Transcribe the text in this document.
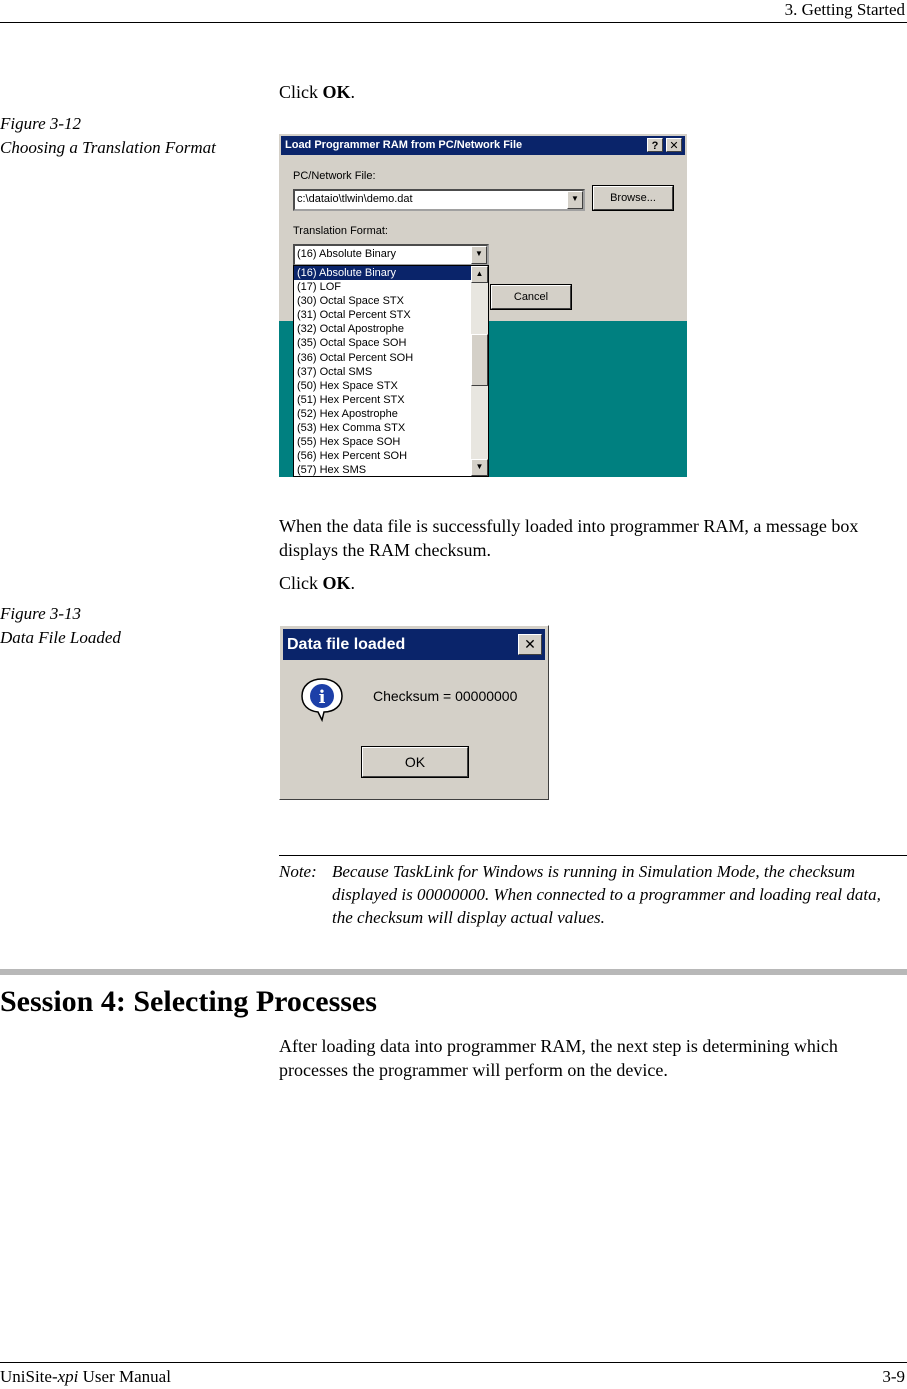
3. Getting Started
Click OK.
Figure 3-12
Choosing a Translation Format	Load Programmer RAM from PC/Network File	?	✕
PC/Network File:
c:\dataio\tlwin\demo.dat	▼	Browse...
Translation Format:
(16) Absolute Binary	▼
Cancel
(16) Absolute Binary
(17) LOF
(30) Octal Space STX
(31) Octal Percent STX
(32) Octal Apostrophe
(35) Octal Space SOH
(36) Octal Percent SOH
(37) Octal SMS
(50) Hex Space STX
(51) Hex Percent STX
(52) Hex Apostrophe
(53) Hex Comma STX
(55) Hex Space SOH
(56) Hex Percent SOH
(57) Hex SMS
▲
▼
When the data file is successfully loaded into programmer RAM, a message box displays the RAM checksum.
Click OK.
Figure 3-13
Data File Loaded	Data file loaded	✕
i	Checksum = 00000000
OK
Note: Because TaskLink for Windows is running in Simulation Mode, the checksum displayed is 00000000. When connected to a programmer and loading real data, the checksum will display actual values.
Session 4: Selecting Processes
After loading data into programmer RAM, the next step is determining which processes the programmer will perform on the device.
UniSite-xpi User Manual	3-9
